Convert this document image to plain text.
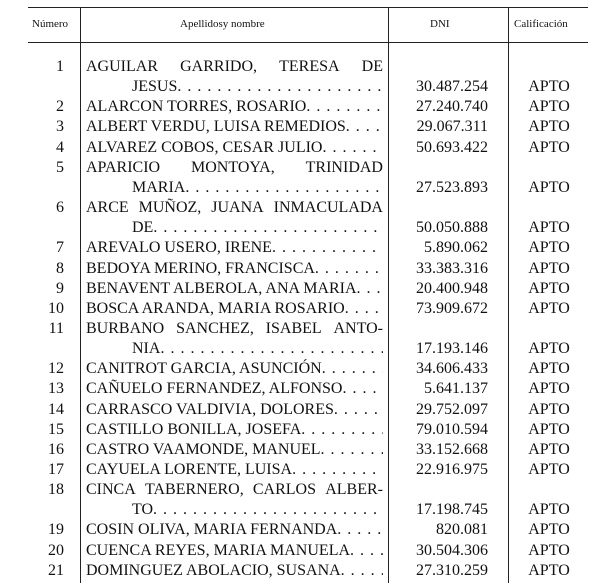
Número	Apellidosy nombre	DNI	Calificación
1 AGUILAR GARRIDO, TERESA DE
JESUS . . .	30.487.254	APTO
2 ALARCON TORRES, ROSARIO . . .	27.240.740	APTO
3 ALBERT VERDU, LUISA REMEDIOS . . .	29.067.311	APTO
4 ALVAREZ COBOS, CESAR JULIO . . .	50.693.422	APTO
5 APARICIO MONTOYA, TRINIDAD
MARIA . . .	27.523.893	APTO
6 ARCE MUÑOZ, JUANA INMACULADA
DE . . .	50.050.888	APTO
7 AREVALO USERO, IRENE . . .	5.890.062	APTO
8 BEDOYA MERINO, FRANCISCA . . .	33.383.316	APTO
9 BENAVENT ALBEROLA, ANA MARIA . . .	20.400.948	APTO
10 BOSCA ARANDA, MARIA ROSARIO . . .	73.909.672	APTO
11 BURBANO SANCHEZ, ISABEL ANTO-
NIA . . .	17.193.146	APTO
12 CANITROT GARCIA, ASUNCIÓN . . .	34.606.433	APTO
13 CAÑUELO FERNANDEZ, ALFONSO . . .	5.641.137	APTO
14 CARRASCO VALDIVIA, DOLORES . . .	29.752.097	APTO
15 CASTILLO BONILLA, JOSEFA . . .	79.010.594	APTO
16 CASTRO VAAMONDE, MANUEL . . .	33.152.668	APTO
17 CAYUELA LORENTE, LUISA . . .	22.916.975	APTO
18 CINCA TABERNERO, CARLOS ALBER-
TO . . .	17.198.745	APTO
19 COSIN OLIVA, MARIA FERNANDA . . .	820.081	APTO
20 CUENCA REYES, MARIA MANUELA . . .	30.504.306	APTO
21 DOMINGUEZ ABOLACIO, SUSANA . . .	27.310.259	APTO
